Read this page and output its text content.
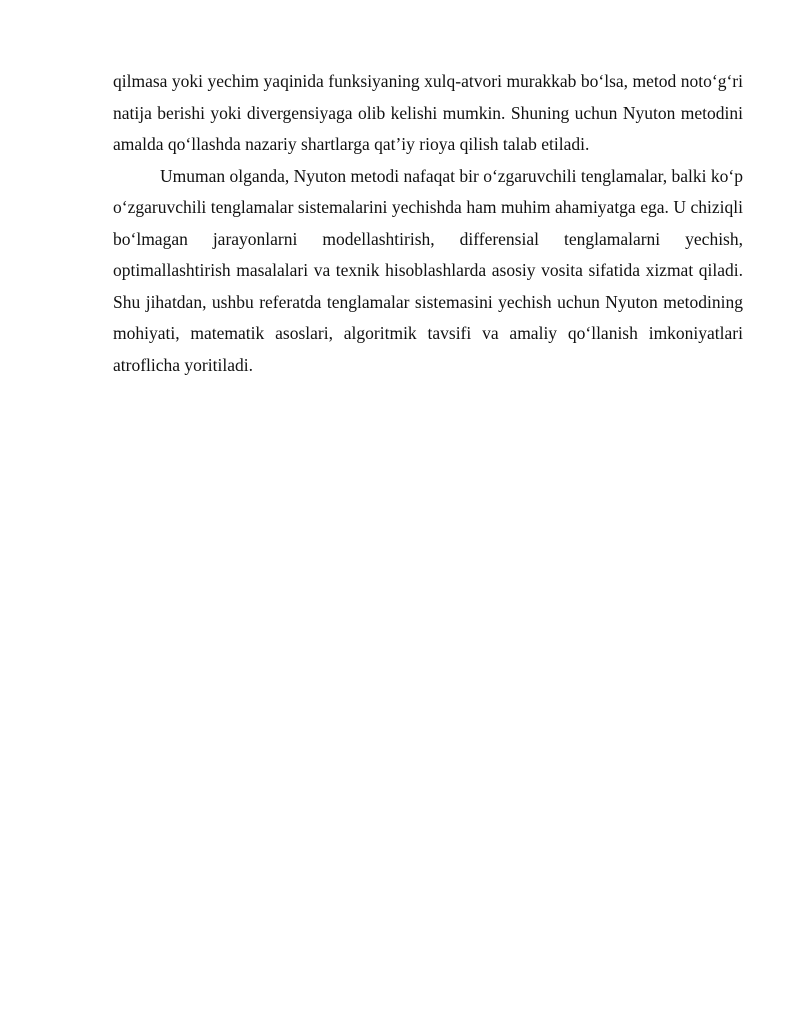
qilmasa yoki yechim yaqinida funksiyaning xulq-atvori murakkab bo‘lsa, metod noto‘g‘ri natija berishi yoki divergensiyaga olib kelishi mumkin. Shuning uchun Nyuton metodini amalda qo‘llashda nazariy shartlarga qat’iy rioya qilish talab etiladi.

Umuman olganda, Nyuton metodi nafaqat bir o‘zgaruvchili tenglamalar, balki ko‘p o‘zgaruvchili tenglamalar sistemalarini yechishda ham muhim ahamiyatga ega. U chiziqli bo‘lmagan jarayonlarni modellashtirish, differensial tenglamalarni yechish, optimallashtirish masalalari va texnik hisoblashlarda asosiy vosita sifatida xizmat qiladi. Shu jihatdan, ushbu referatda tenglamalar sistemasini yechish uchun Nyuton metodining mohiyati, matematik asoslari, algoritmik tavsifi va amaliy qo‘llanish imkoniyatlari atroflicha yoritiladi.
